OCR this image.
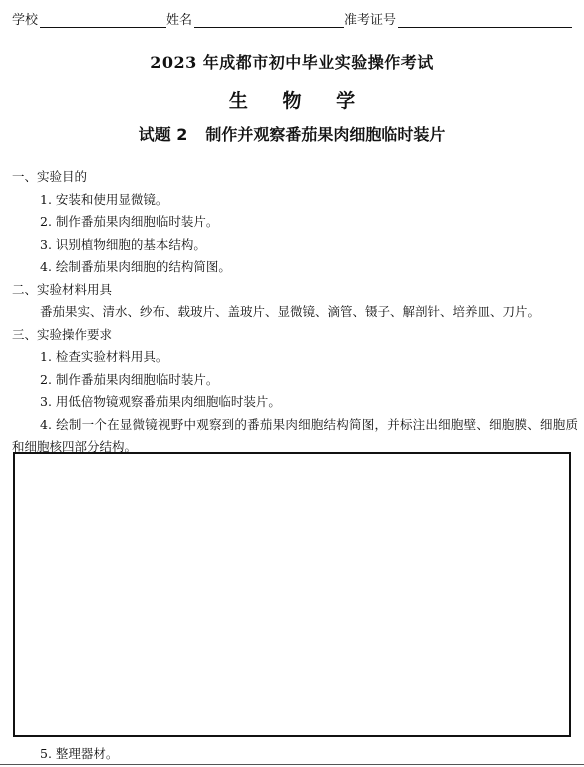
学校	姓名	准考证号
2023 年成都市初中毕业实验操作考试
生 物 学
试题 2 制作并观察番茄果肉细胞临时装片

一、实验目的

1. 安装和使用显微镜。

2. 制作番茄果肉细胞临时装片。

3. 识别植物细胞的基本结构。

4. 绘制番茄果肉细胞的结构简图。

二、实验材料用具

番茄果实、清水、纱布、载玻片、盖玻片、显微镜、滴管、镊子、解剖针、培养皿、刀片。

三、实验操作要求

1. 检查实验材料用具。

2. 制作番茄果肉细胞临时装片。

3. 用低倍物镜观察番茄果肉细胞临时装片。

4. 绘制一个在显微镜视野中观察到的番茄果肉细胞结构简图，并标注出细胞壁、细胞膜、细胞质和细胞核四部分结构。

5. 整理器材。
